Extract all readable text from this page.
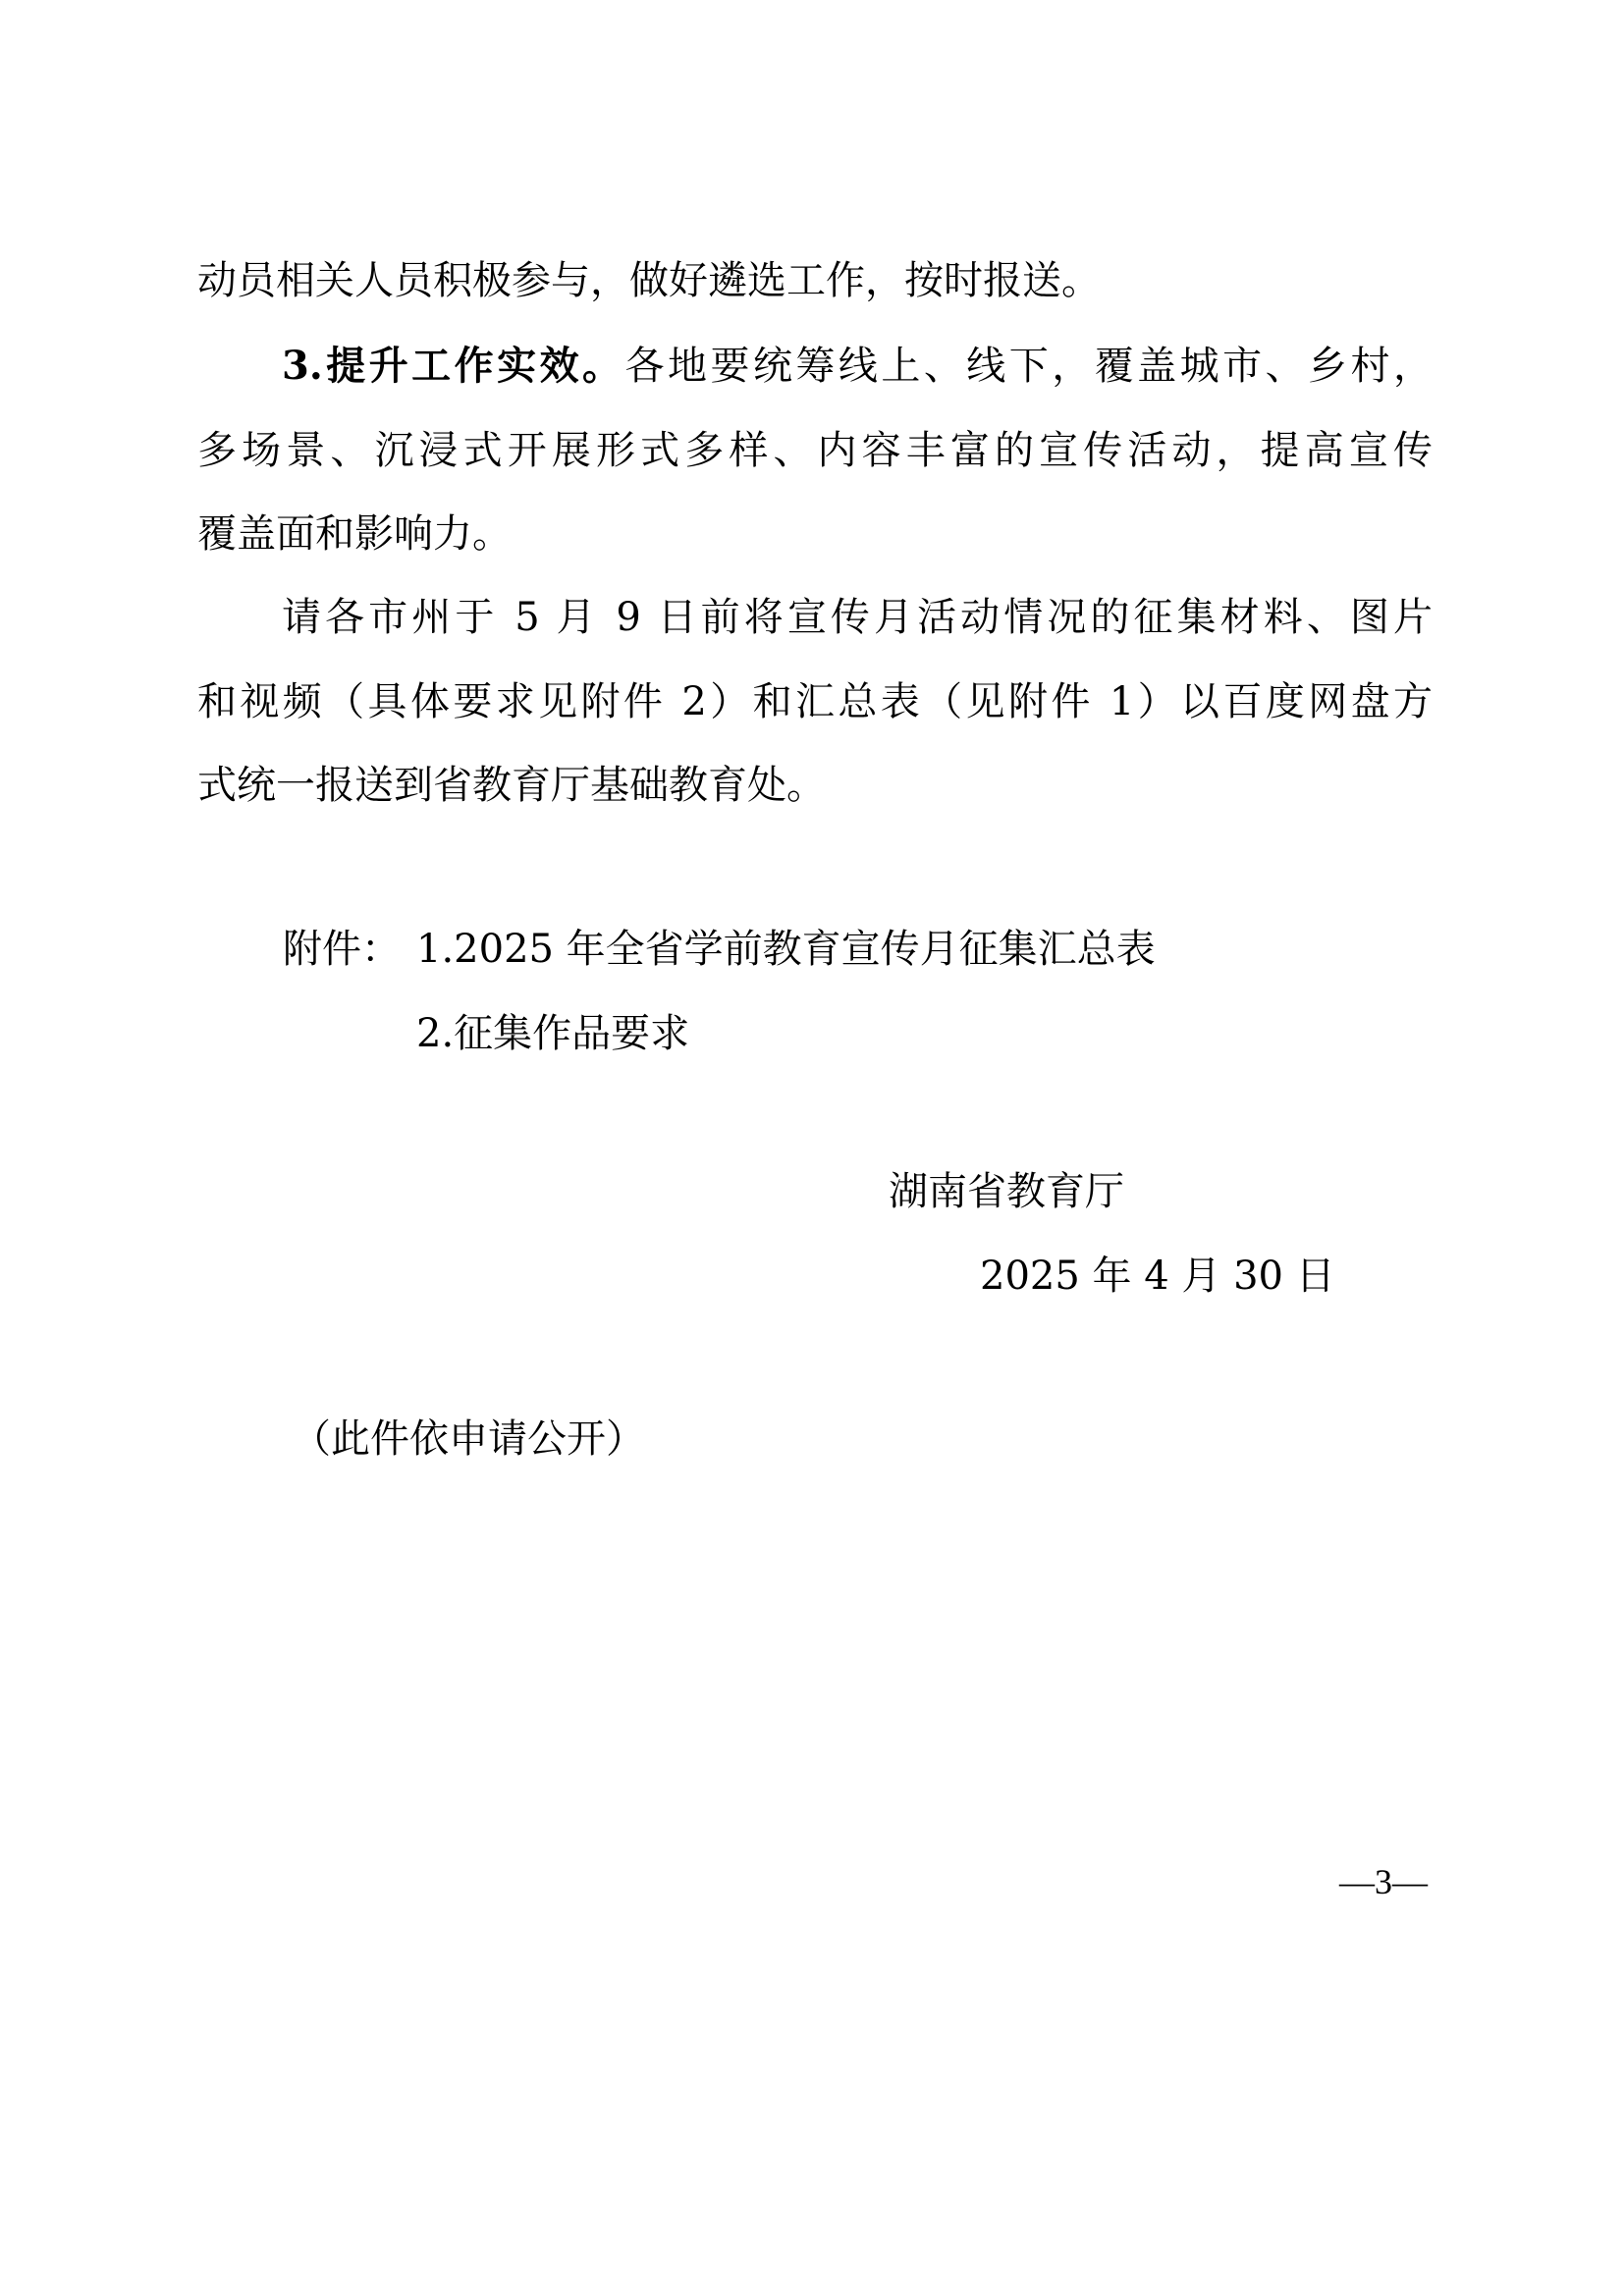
动员相关人员积极参与，做好遴选工作，按时报送。
3.提升工作实效。各地要统筹线上、线下，覆盖城市、乡村，
多场景、沉浸式开展形式多样、内容丰富的宣传活动，提高宣传
覆盖面和影响力。
请各市州于 5 月 9 日前将宣传月活动情况的征集材料、图片
和视频（具体要求见附件 2）和汇总表（见附件 1）以百度网盘方
式统一报送到省教育厅基础教育处。
附件： 1.2025 年全省学前教育宣传月征集汇总表
2.征集作品要求
湖南省教育厅
2025 年 4 月 30 日
（此件依申请公开）
—3—
